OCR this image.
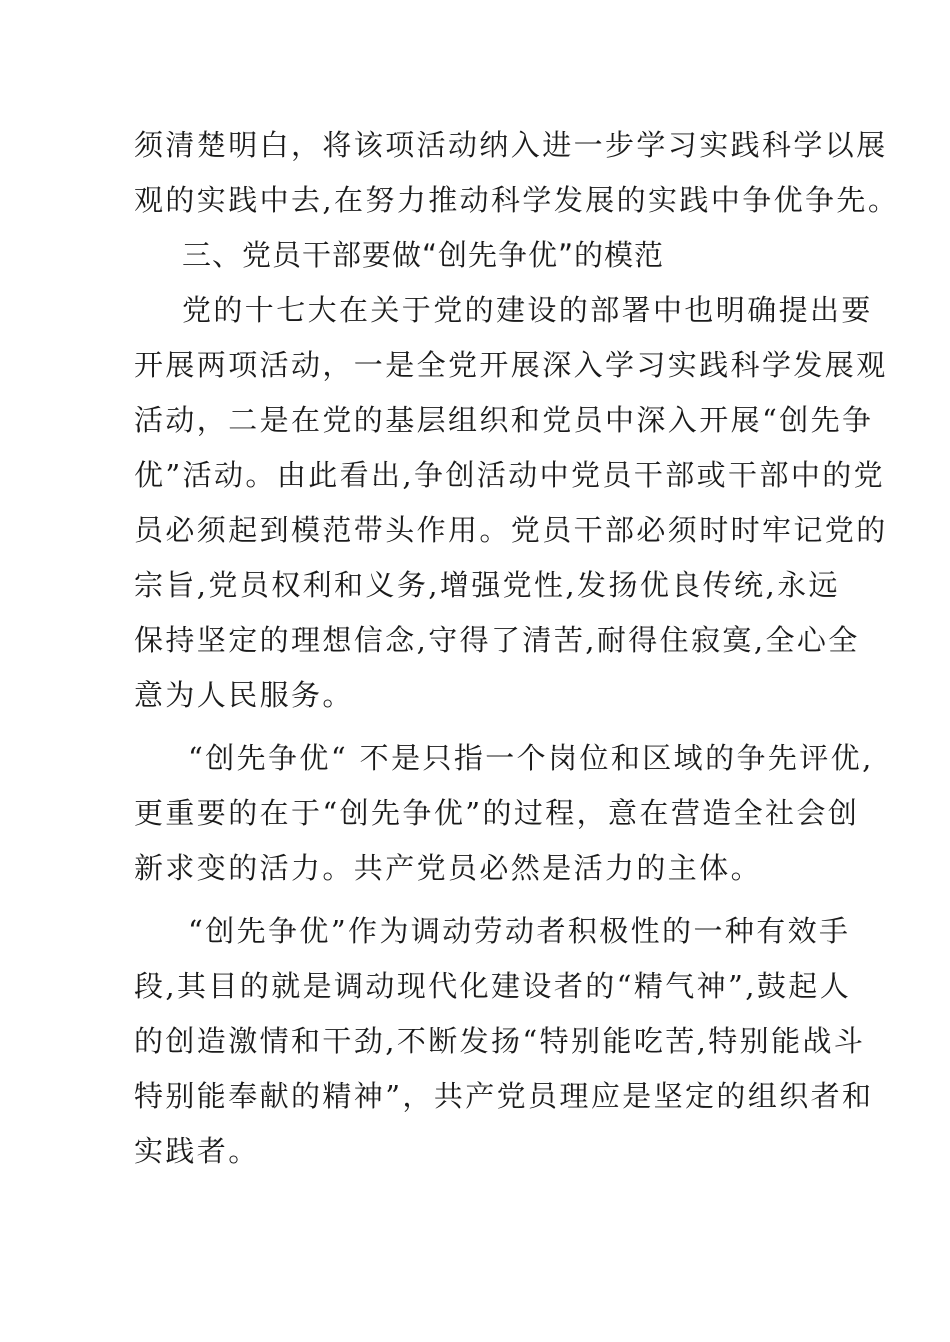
须清楚明白，将该项活动纳入进一步学习实践科学以展
观的实践中去,在努力推动科学发展的实践中争优争先。
三、党员干部要做“创先争优”的模范
党的十七大在关于党的建设的部署中也明确提出要
开展两项活动，一是全党开展深入学习实践科学发展观
活动，二是在党的基层组织和党员中深入开展“创先争
优”活动。由此看出,争创活动中党员干部或干部中的党
员必须起到模范带头作用。党员干部必须时时牢记党的
宗旨,党员权利和义务,增强党性,发扬优良传统,永远
保持坚定的理想信念,守得了清苦,耐得住寂寞,全心全
意为人民服务。
“创先争优“ 不是只指一个岗位和区域的争先评优,
更重要的在于“创先争优”的过程，意在营造全社会创
新求变的活力。共产党员必然是活力的主体。
“创先争优”作为调动劳动者积极性的一种有效手
段,其目的就是调动现代化建设者的“精气神”,鼓起人
的创造激情和干劲,不断发扬“特别能吃苦,特别能战斗
特别能奉献的精神”，共产党员理应是坚定的组织者和
实践者。
